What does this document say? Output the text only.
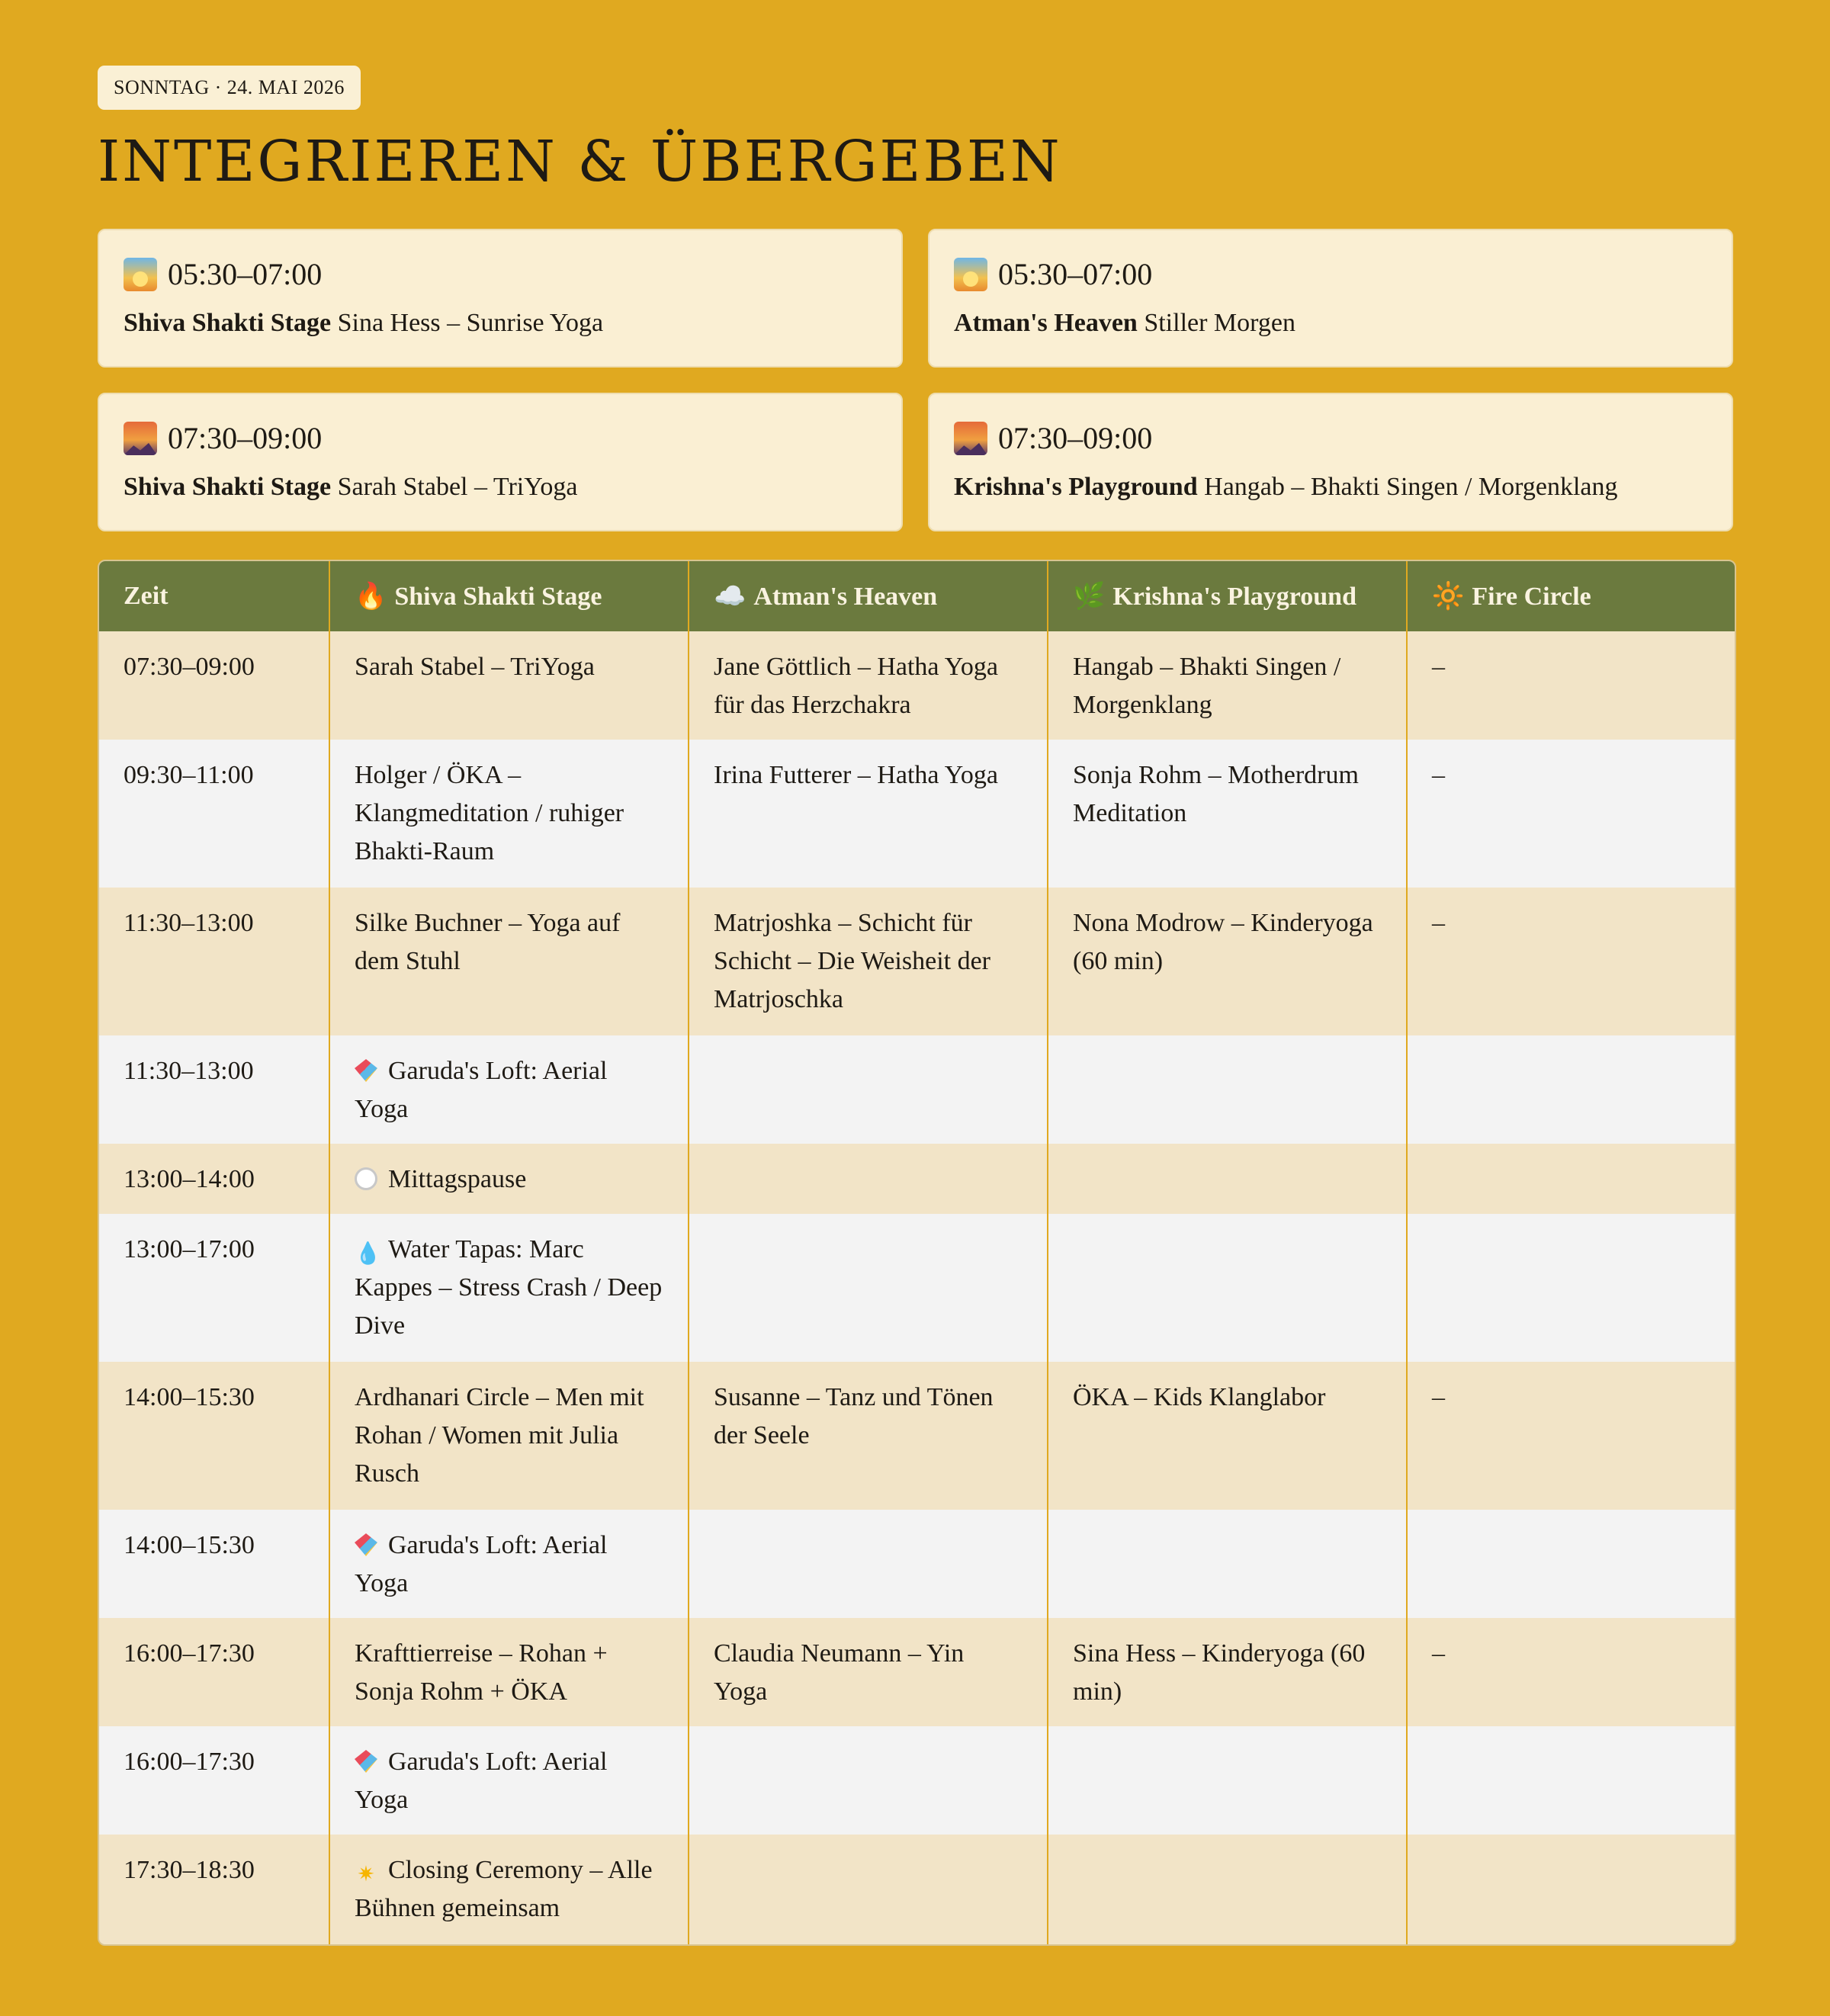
SONNTAG · 24. MAI 2026
INTEGRIEREN & ÜBERGEBEN
05:30–07:00
Shiva Shakti Stage Sina Hess – Sunrise Yoga
05:30–07:00
Atman's Heaven Stiller Morgen
07:30–09:00
Shiva Shakti Stage Sarah Stabel – TriYoga
07:30–09:00
Krishna's Playground Hangab – Bhakti Singen / Morgenklang
Zeit	🔥 Shiva Shakti Stage	☁️ Atman's Heaven	🌿 Krishna's Playground	🔆 Fire Circle
07:30–09:00	Sarah Stabel – TriYoga	Jane Göttlich – Hatha Yoga für das Herzchakra	Hangab – Bhakti Singen / Morgenklang	–
09:30–11:00	Holger / ÖKA – Klangmeditation / ruhiger Bhakti-Raum	Irina Futterer – Hatha Yoga	Sonja Rohm – Motherdrum Meditation	–
11:30–13:00	Silke Buchner – Yoga auf dem Stuhl	Matrjoshka – Schicht für Schicht – Die Weisheit der Matrjoschka	Nona Modrow – Kinderyoga (60 min)	–
11:30–13:00	Garuda's Loft: Aerial Yoga			
13:00–14:00	Mittagspause			
13:00–17:00	💧 Water Tapas: Marc Kappes – Stress Crash / Deep Dive			
14:00–15:30	Ardhanari Circle – Men mit Rohan / Women mit Julia Rusch	Susanne – Tanz und Tönen der Seele	ÖKA – Kids Klanglabor	–
14:00–15:30	Garuda's Loft: Aerial Yoga			
16:00–17:30	Krafttierreise – Rohan + Sonja Rohm + ÖKA	Claudia Neumann – Yin Yoga	Sina Hess – Kinderyoga (60 min)	–
16:00–17:30	Garuda's Loft: Aerial Yoga			
17:30–18:30	✷ Closing Ceremony – Alle Bühnen gemeinsam			
